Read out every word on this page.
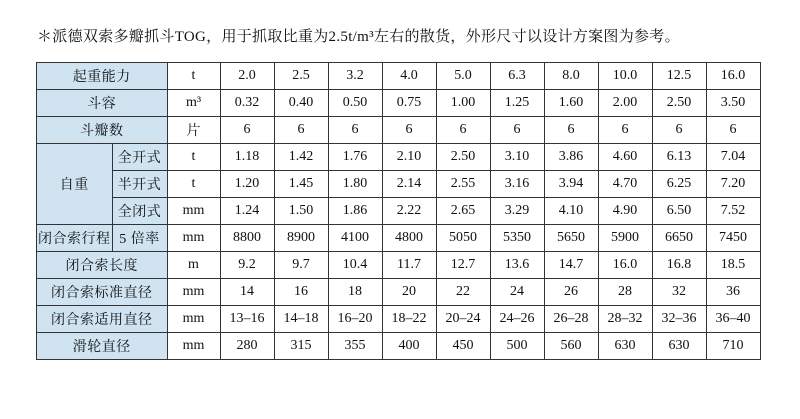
＊派德双索多瓣抓斗TOG，用于抓取比重为2.5t/m³左右的散货，外形尺寸以设计方案图为参考。
起重能力		t	2.0	2.5	3.2	4.0	5.0	6.3	8.0	10.0	12.5	16.0
斗容		m³	0.32	0.40	0.50	0.75	1.00	1.25	1.60	2.00	2.50	3.50
斗瓣数		片	6	6	6	6	6	6	6	6	6	6
自重	全开式	t	1.18	1.42	1.76	2.10	2.50	3.10	3.86	4.60	6.13	7.04
	半开式	t	1.20	1.45	1.80	2.14	2.55	3.16	3.94	4.70	6.25	7.20
	全闭式	mm	1.24	1.50	1.86	2.22	2.65	3.29	4.10	4.90	6.50	7.52
闭合索行程	5 倍率	mm	8800	8900	4100	4800	5050	5350	5650	5900	6650	7450
闭合索长度		m	9.2	9.7	10.4	11.7	12.7	13.6	14.7	16.0	16.8	18.5
闭合索标准直径		mm	14	16	18	20	22	24	26	28	32	36
闭合索适用直径		mm	13–16	14–18	16–20	18–22	20–24	24–26	26–28	28–32	32–36	36–40
滑轮直径		mm	280	315	355	400	450	500	560	630	630	710
